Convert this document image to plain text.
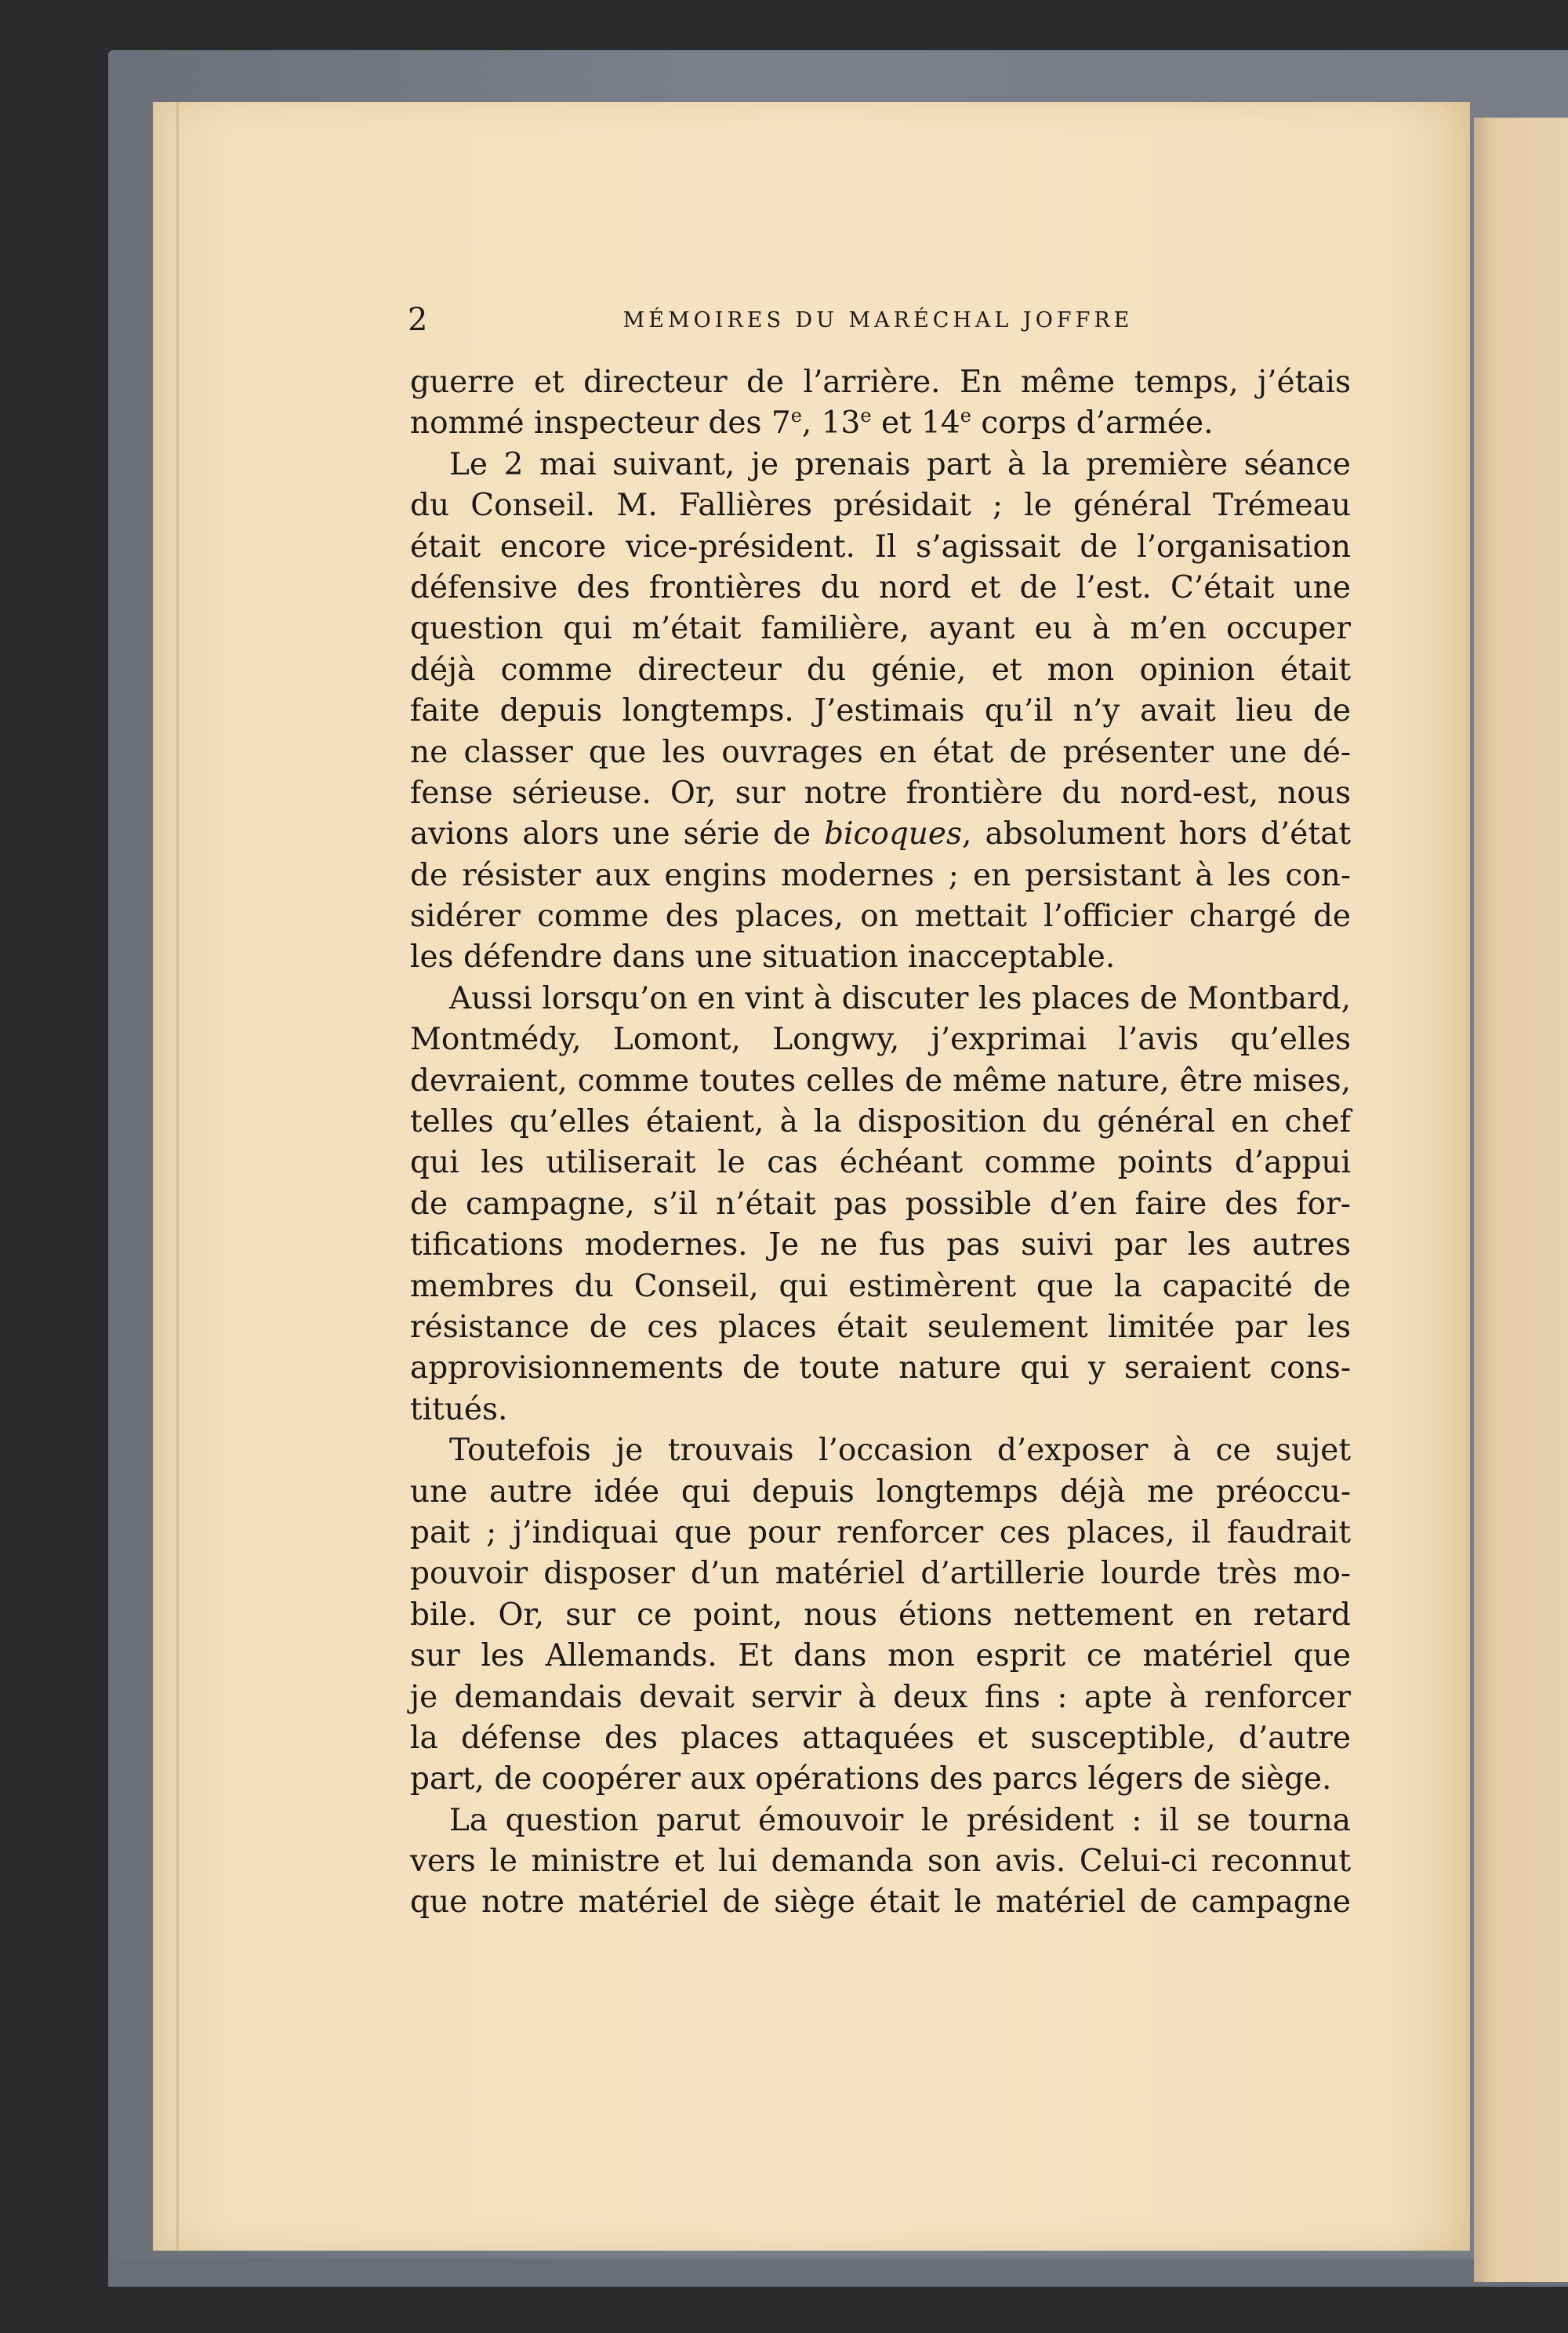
2	MÉMOIRES DU MARÉCHAL JOFFRE
guerre et directeur de l’arrière. En même temps, j’étais
nommé inspecteur des 7e, 13e et 14e corps d’armée.
Le 2 mai suivant, je prenais part à la première séance
du Conseil. M. Fallières présidait ; le général Trémeau
était encore vice-président. Il s’agissait de l’organisation
défensive des frontières du nord et de l’est. C’était une
question qui m’était familière, ayant eu à m’en occuper
déjà comme directeur du génie, et mon opinion était
faite depuis longtemps. J’estimais qu’il n’y avait lieu de
ne classer que les ouvrages en état de présenter une dé-
fense sérieuse. Or, sur notre frontière du nord-est, nous
avions alors une série de bicoques, absolument hors d’état
de résister aux engins modernes ; en persistant à les con-
sidérer comme des places, on mettait l’officier chargé de
les défendre dans une situation inacceptable.
Aussi lorsqu’on en vint à discuter les places de Montbard,
Montmédy, Lomont, Longwy, j’exprimai l’avis qu’elles
devraient, comme toutes celles de même nature, être mises,
telles qu’elles étaient, à la disposition du général en chef
qui les utiliserait le cas échéant comme points d’appui
de campagne, s’il n’était pas possible d’en faire des for-
tifications modernes. Je ne fus pas suivi par les autres
membres du Conseil, qui estimèrent que la capacité de
résistance de ces places était seulement limitée par les
approvisionnements de toute nature qui y seraient cons-
titués.
Toutefois je trouvais l’occasion d’exposer à ce sujet
une autre idée qui depuis longtemps déjà me préoccu-
pait ; j’indiquai que pour renforcer ces places, il faudrait
pouvoir disposer d’un matériel d’artillerie lourde très mo-
bile. Or, sur ce point, nous étions nettement en retard
sur les Allemands. Et dans mon esprit ce matériel que
je demandais devait servir à deux fins : apte à renforcer
la défense des places attaquées et susceptible, d’autre
part, de coopérer aux opérations des parcs légers de siège.
La question parut émouvoir le président : il se tourna
vers le ministre et lui demanda son avis. Celui-ci reconnut
que notre matériel de siège était le matériel de campagne
